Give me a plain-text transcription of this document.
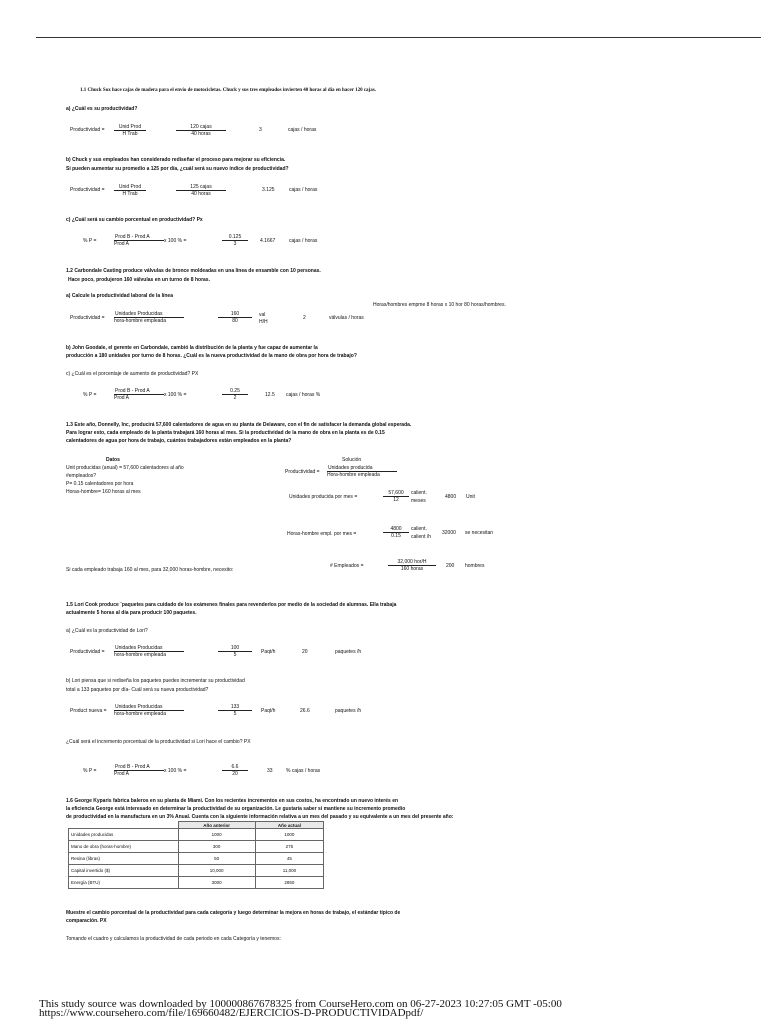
1.1 Chuck Sox hace cajas de madera para el envío de motocicletas. Chuck y sus tres empleados invierten 40 horas al día en hacer 120 cajas.
a) ¿Cuál es su productividad?
Productividad =	Unid Prod
H Trab
120 cajas
40 horas
3	cajas / horas
b) Chuck y sus empleados han considerado rediseñar el proceso para mejorar su eficiencia.
Si pueden aumentar su promedio a 125 por día, ¿cuál será su nuevo índice de productividad?
Productividad =	Unid Prod
H Trab
125 cajas
40 horas
3.125	cajas / horas
c) ¿Cuál será su cambio porcentual en productividad? Px
% P =
Prod B - Prod A
Prod A	x 100 % =	$\frac{0.125}{3} 4.1667$	cajas / horas
1.2 Carbondale Casting produce válvulas de bronce moldeadas en una línea de ensamble con 10 personas.
Hace poco, produjeron 160 válvulas en un turno de 8 horas.
a) Calcule la productividad laboral de la línea
Horas/hombres empme 8 horas x 10 hor 80 horas/hombres.
Productividad =
Unidades Producidas
hora-hombre empleada	$\frac{160}{80}$ val
H/H
2	válvulas / horas
b) John Goodale, el gerente en Carbondale, cambió la distribución de la planta y fue capaz de aumentar la
producción a 180 unidades por turno de 8 horas. ¿Cuál es la nueva productividad de la mano de obra por hora de trabajo?
c) ¿Cuál es el porcentaje de aumento de productividad? PX
% P =
Prod B - Prod A
Prod A	x 100 % =	$\frac{0.25}{2}$	12.5 cajas / horas %
1.3 Este año, Donnelly, Inc, producirá 57,600 calentadores de agua en su planta de Delaware, con el fin de satisfacer la demanda global esperada.
Para lograr esto, cada empleado de la planta trabajará 160 horas al mes. Si la productividad de la mano de obra en la planta es de 0.15
calentadores de agua por hora de trabajo, cuántos trabajadores están empleados en la planta?
Datos	Solución
Unit producidas (anual) = 57,600 calentadores al año
#empleados?
P= 0.15 calentadores por hora
Horas-hombre= 160 horas al mes
Productividad =
Unidades producida
Hora-hombre empleada
Unidades producida por mes =	$\frac{57,600}{12}$ calient.
meses
4800 Unit
Horas-hombre empl. por mes =	$\frac{4800}{0.15}$ calient.
calient /h
32000 se necesitan
Si cada empleado trabaja 160 al mes, para 32,000 horas-hombre, necesito:
# Empleados =
32,000 hor/H
160 horas	200 hombres
1.5 Lori Cook produce ¨paquetes para cuidado de los exámenes finales para revenderlos por medio de la sociedad de alumnas. Ella trabaja
actualmente 5 horas al día para producir 100 paquetes.
a) ¿Cuál es la productividad de Lori?
Productividad =
Unidades Producidas
hora-hombre empleada	$\frac{100}{5}$ Paqt/h	20	paquetes /h
b) Lori piensa que si rediseña los paquetes puedes incrementar su productividad
total a 133 paquetes por día- Cuál será su nueva productividad?
Product nueva =
Unidades Producidas
hora-hombre empleada	$\frac{133}{5}$ Paqt/h	26.6	paquetes /h
¿Cuál será el incremento porcentual de la productividad si Lori hace el cambio? PX
% P =
Prod B - Prod A
Prod A	x 100 % =	$\frac{6.6}{20}$	33	% cajas / horas
1.6 George Kyparis fabrica baleros en su planta de Miami. Con los recientes incrementos en sus costos, ha encontrado un nuevo interés en
la eficiencia George está interesado en determinar la productividad de su organización. Le gustaría saber si mantiene su incremento promedio
de productividad en la manufactura en un 3% Anual. Cuenta con la siguiente información relativa a un mes del pasado y su equivalente a un mes del presente año:
	Año anterior	Año actual
Unidades producidas	1000	1000
Mano de obra (horas-hombre)	300	275
Resina (libras)	50	45
Capital invertido ($)	10,000	11,000
Energía (BTU)	3000	2850
Muestre el cambio porcentual de la productividad para cada categoría y luego determinar la mejora en horas de trabajo, el estándar típico de
comparación. PX
Tomando el cuadro y calculamos la productividad de cada periodo en cada Categoría y tenemos:
This study source was downloaded by 100000867678325 from CourseHero.com on 06-27-2023 10:27:05 GMT -05:00
https://www.coursehero.com/file/169660482/EJERCICIOS-D-PRODUCTIVIDADpdf/
